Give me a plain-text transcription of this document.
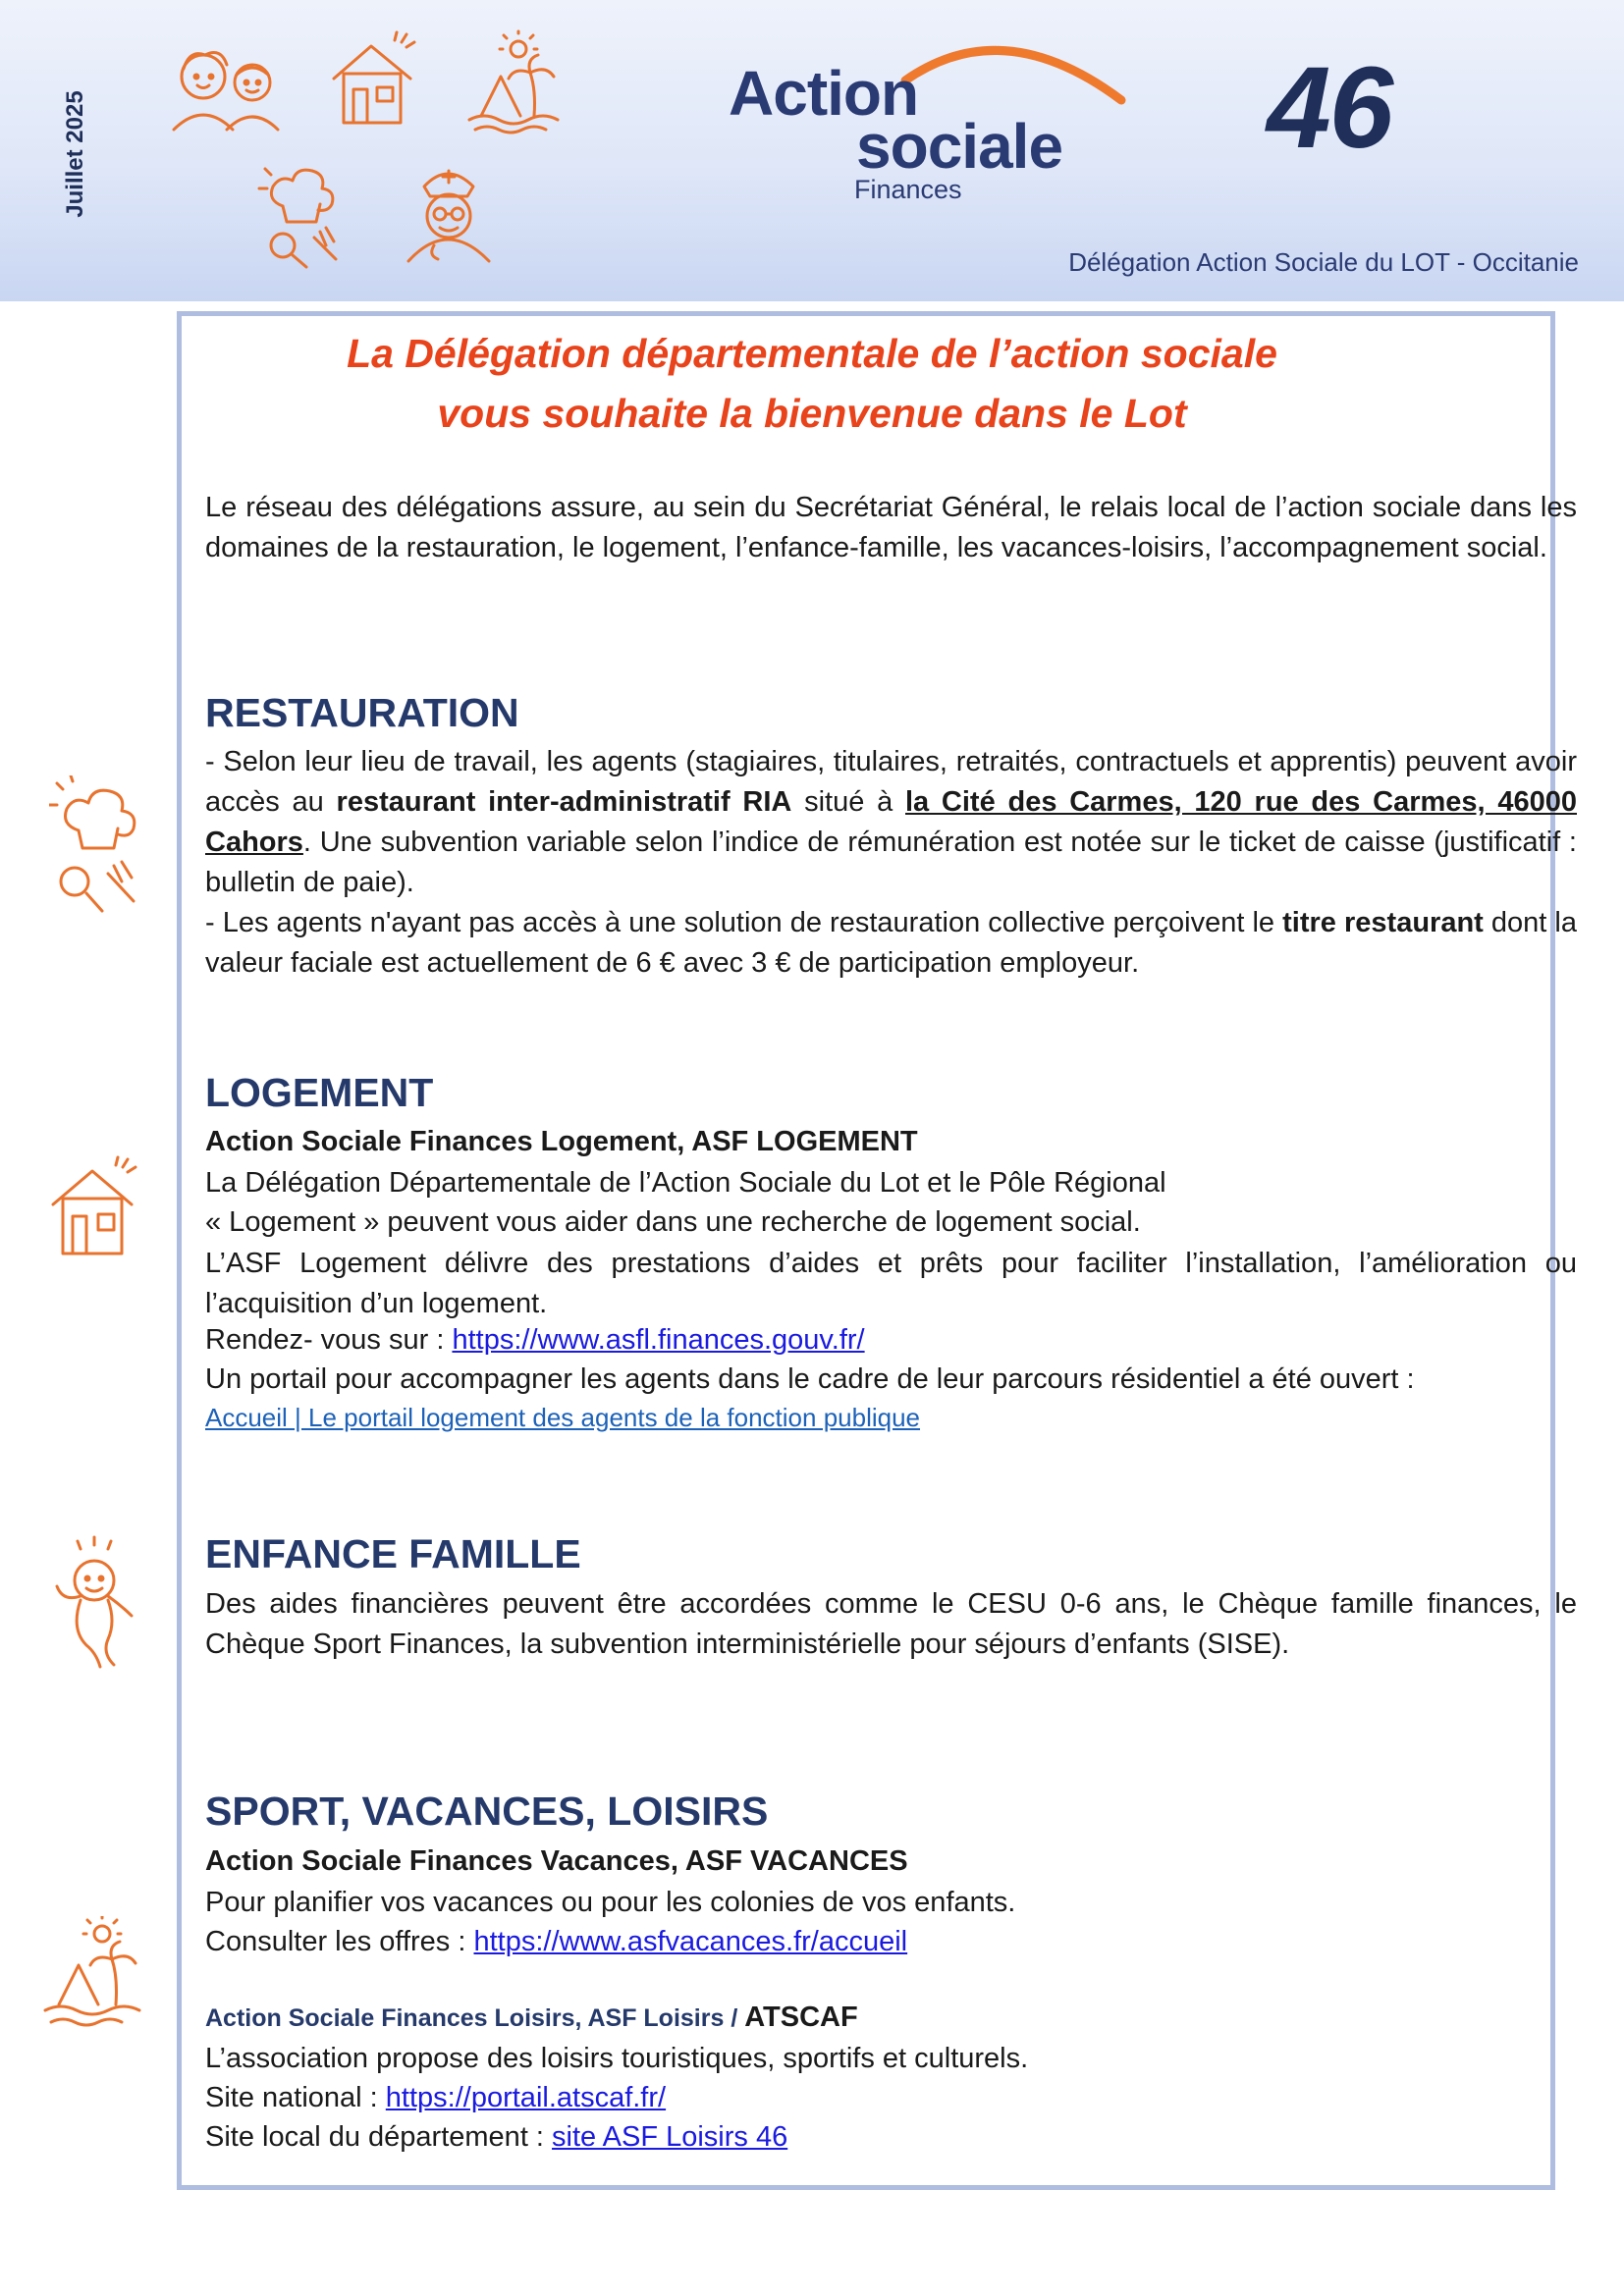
Juillet 2025	Action
sociale
Finances
46
Délégation Action Sociale du LOT - Occitanie
La Délégation départementale de l’action sociale
vous souhaite la bienvenue dans le Lot
Le réseau des délégations assure, au sein du Secrétariat Général, le relais local de l’action sociale dans les domaines de la restauration, le logement, l’enfance-famille, les vacances-loisirs, l’accompagnement social.
RESTAURATION
- Selon leur lieu de travail, les agents (stagiaires, titulaires, retraités, contractuels et apprentis) peuvent avoir accès au restaurant inter-administratif RIA situé à la Cité des Carmes, 120 rue des Carmes, 46000 Cahors. Une subvention variable selon l’indice de rémunération est notée sur le ticket de caisse (justificatif : bulletin de paie).
- Les agents n'ayant pas accès à une solution de restauration collective perçoivent le titre restaurant dont la valeur faciale est actuellement de 6 € avec 3 € de participation employeur.
LOGEMENT
Action Sociale Finances Logement, ASF LOGEMENT
La Délégation Départementale de l’Action Sociale du Lot et le Pôle Régional
« Logement » peuvent vous aider dans une recherche de logement social.
L’ASF Logement délivre des prestations d’aides et prêts pour faciliter l’installation, l’amélioration ou l’acquisition d’un logement.
Rendez- vous sur : https://www.asfl.finances.gouv.fr/
Un portail pour accompagner les agents dans le cadre de leur parcours résidentiel a été ouvert :
Accueil | Le portail logement des agents de la fonction publique
ENFANCE FAMILLE
Des aides financières peuvent être accordées comme le CESU 0-6 ans, le Chèque famille finances, le Chèque Sport Finances, la subvention interministérielle pour séjours d’enfants (SISE).
SPORT, VACANCES, LOISIRS
Action Sociale Finances Vacances, ASF VACANCES
Pour planifier vos vacances ou pour les colonies de vos enfants.
Consulter les offres : https://www.asfvacances.fr/accueil
Action Sociale Finances Loisirs, ASF Loisirs / ATSCAF
L’association propose des loisirs touristiques, sportifs et culturels.
Site national : https://portail.atscaf.fr/
Site local du département : site ASF Loisirs 46
